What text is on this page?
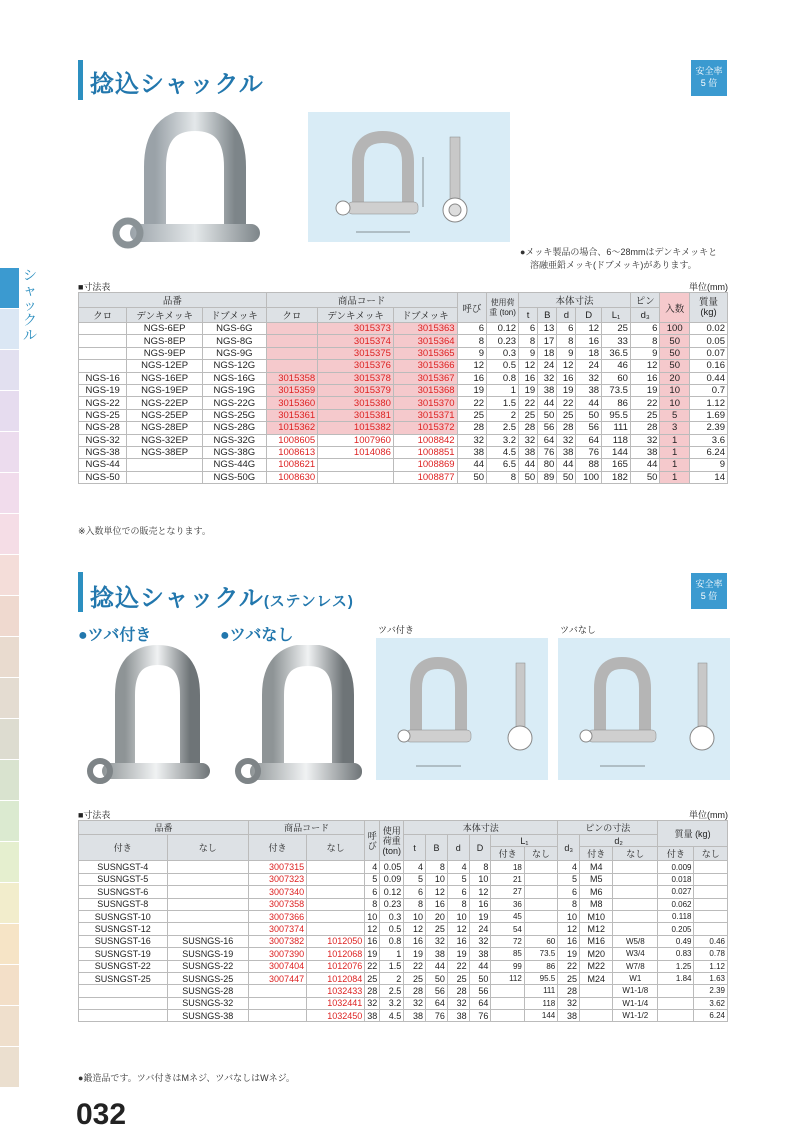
シャックル
捻込シャックル	安全率
5 倍
●メッキ製品の場合、6～28mmはデンキメッキと
溶融亜鉛メッキ(ドブメッキ)があります。
■寸法表	単位(mm)
品番			商品コード			呼び	使用荷重 (ton)	本体寸法					ピン	入数	質量 (kg)
クロ	デンキメッキ	ドブメッキ	クロ	デンキメッキ	ドブメッキ			t	B	d	D	L₁	d₃		
	NGS-6EP	NGS-6G		3015373	3015363	6	0.12	6	13	6	12	25	6	100	0.02
	NGS-8EP	NGS-8G		3015374	3015364	8	0.23	8	17	8	16	33	8	50	0.05
	NGS-9EP	NGS-9G		3015375	3015365	9	0.3	9	18	9	18	36.5	9	50	0.07
	NGS-12EP	NGS-12G		3015376	3015366	12	0.5	12	24	12	24	46	12	50	0.16
NGS-16	NGS-16EP	NGS-16G	3015358	3015378	3015367	16	0.8	16	32	16	32	60	16	20	0.44
NGS-19	NGS-19EP	NGS-19G	3015359	3015379	3015368	19	1	19	38	19	38	73.5	19	10	0.7
NGS-22	NGS-22EP	NGS-22G	3015360	3015380	3015370	22	1.5	22	44	22	44	86	22	10	1.12
NGS-25	NGS-25EP	NGS-25G	3015361	3015381	3015371	25	2	25	50	25	50	95.5	25	5	1.69
NGS-28	NGS-28EP	NGS-28G	1015362	1015382	1015372	28	2.5	28	56	28	56	111	28	3	2.39
NGS-32	NGS-32EP	NGS-32G	1008605	1007960	1008842	32	3.2	32	64	32	64	118	32	1	3.6
NGS-38	NGS-38EP	NGS-38G	1008613	1014086	1008851	38	4.5	38	76	38	76	144	38	1	6.24
NGS-44		NGS-44G	1008621		1008869	44	6.5	44	80	44	88	165	44	1	9
NGS-50		NGS-50G	1008630		1008877	50	8	50	89	50	100	182	50	1	14
※入数単位での販売となります。
捻込シャックル(ステンレス)
安全率
5 倍
●ツバ付き	●ツバなし	ツバ付き	ツバなし
■寸法表	単位(mm)
品番		商品コード		呼び	使用荷重 (ton)	本体寸法						ピンの寸法			質量 (kg)	
付き	なし	付き	なし			t	B	d	D	L₁		d₃	d₂			
										付き	なし		付き	なし	付き	なし
SUSNGST-4		3007315		4	0.05	4	8	4	8	18		4	M4		0.009	
SUSNGST-5		3007323		5	0.09	5	10	5	10	21		5	M5		0.018	
SUSNGST-6		3007340		6	0.12	6	12	6	12	27		6	M6		0.027	
SUSNGST-8		3007358		8	0.23	8	16	8	16	36		8	M8		0.062	
SUSNGST-10		3007366		10	0.3	10	20	10	19	45		10	M10		0.118	
SUSNGST-12		3007374		12	0.5	12	25	12	24	54		12	M12		0.205	
SUSNGST-16	SUSNGS-16	3007382	1012050	16	0.8	16	32	16	32	72	60	16	M16	W5/8	0.49	0.46
SUSNGST-19	SUSNGS-19	3007390	1012068	19	1	19	38	19	38	85	73.5	19	M20	W3/4	0.83	0.78
SUSNGST-22	SUSNGS-22	3007404	1012076	22	1.5	22	44	22	44	99	86	22	M22	W7/8	1.25	1.12
SUSNGST-25	SUSNGS-25	3007447	1012084	25	2	25	50	25	50	112	95.5	25	M24	W1	1.84	1.63
	SUSNGS-28		1032433	28	2.5	28	56	28	56		111	28		W1-1/8		2.39
	SUSNGS-32		1032441	32	3.2	32	64	32	64		118	32		W1-1/4		3.62
	SUSNGS-38		1032450	38	4.5	38	76	38	76		144	38		W1-1/2		6.24
●鍛造品です。ツバ付きはMネジ、ツバなしはWネジ。
032
